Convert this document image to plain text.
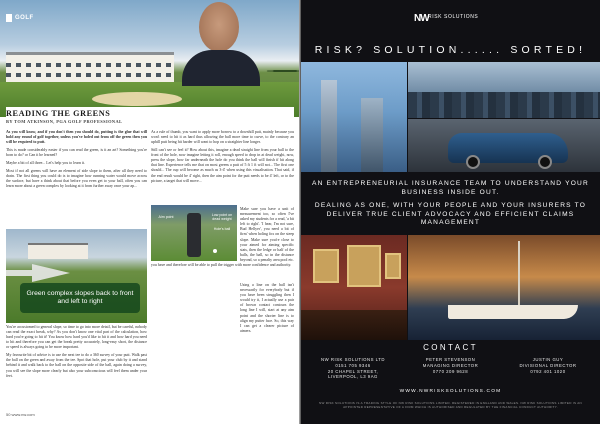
GOLF
READING THE GREENS
BY TOM ATKINSON, PGA GOLF PROFESSIONAL

As you will know, and if you don't then you should do, putting is the glue that will hold any round of golf together, unless you've holed out from off the green then you will be required to putt.

This is made considerably easier if you can read the green, is it an art? Something you're born to do? or Can it be learned?

Maybe a bit of all three... Let's help you to learn it.

Most if not all greens will have an element of side slope to them, after all they need to drain. The first thing you could do is to imagine how running water would move across the surface, but have a think about that before you even get to your ball, often you can learn more about a green complex by looking at it from further away once your ap...

Green complex slopes back to front and left to right

You're accustomed to general slope, so time to go into more detail, but be careful, nobody can read the exact break, why? As you don't know one vital part of the calculation, how hard you're going to hit it! You know how hard you'd like to hit it and how hard you need to hit and therefore you can get the break pretty accurately, long-easy short, the distance or speed is always going to be more important.

My favourite bit of advice is to use the next tee to do a 360 survey of your putt. Walk past the ball on the green and away from the tee. Spot that hole, put your club by it and stand behind it and walk back to the ball on the opposite side of the ball, again doing a survey, you will see the slope more clearly but also your subconscious will feel them under your feet.

As a rule of thumb, you want to apply more borrow to a downhill putt, mainly because you won't need to hit it as hard thus allowing the ball more time to curve, to the contrary an uphill putt being hit harder will want to hop on a straighter line longer.

Still can't see or feel it? How about this, imagine a dead straight line from your ball to the front of the hole, now imagine letting it roll, enough speed to drop in at dead weight, now, press the slope, how far underneath the hole do you think the ball will finish if hit along that line. Experience tells me that on most greens a putt of 5 ft 1 ft will not... The first one should... The cup will become as much as 3-4' when using this visualisation. That said, if the end result would be 4' right, then the aim point for the putt needs to be 4' left, or to the picture, a target that will move...

Aim point	Low point on dead weight
Hole's ball

Make sure you have a unit of measurement too, so often I've asked my students for a read, 'a bit left to right'. 'I hear, I'm not sure, Bud Hellyer', you need a bit of firm' when holing fox on the steep slope. Make sure you're close to your aimed for aiming specific stats, then the ledge or half of the balls, the ball, so in the distance beyond, so a penalty area pool etc.

you have and therefore will be able to pull the trigger with more confidence and authority.

Using a line on the ball isn't necessarily for everybody but if you have been struggling then I would try it, I actually use a pair of brown contact contours the long line I will, start at any aim point and the shorter line is to align my putter face. So, this way I can get a clearer picture of aimers.

50 www.nw.com
NW RISK SOLUTIONS
RISK? SOLUTION...... SORTED!

AN ENTREPRENEURIAL INSURANCE TEAM TO UNDERSTAND YOUR BUSINESS INSIDE OUT.

DEALING AS ONE, WITH YOUR PEOPLE AND YOUR INSURERS TO DELIVER TRUE CLIENT ADVOCACY AND EFFICIENT CLAIMS MANAGEMENT

CONTACT
NW RISK SOLUTIONS LTD
0151 705 9346
20 CHAPEL STREET,
LIVERPOOL, L3 9AG
PETER STEVENSON
MANAGING DIRECTOR
0770 209 9628
JUSTIN GUY
DIVISIONAL DIRECTOR
0792 401 1020
WWW.NWRISKSOLUTIONS.COM
NW RISK SOLUTIONS IS A TRADING STYLE OF NW RISK SOLUTIONS LIMITED. REGISTERED IN ENGLAND AND WALES. NW RISK SOLUTIONS LIMITED IS AN APPOINTED REPRESENTATIVE OF A FIRM WHICH IS AUTHORISED AND REGULATED BY THE FINANCIAL CONDUCT AUTHORITY.
